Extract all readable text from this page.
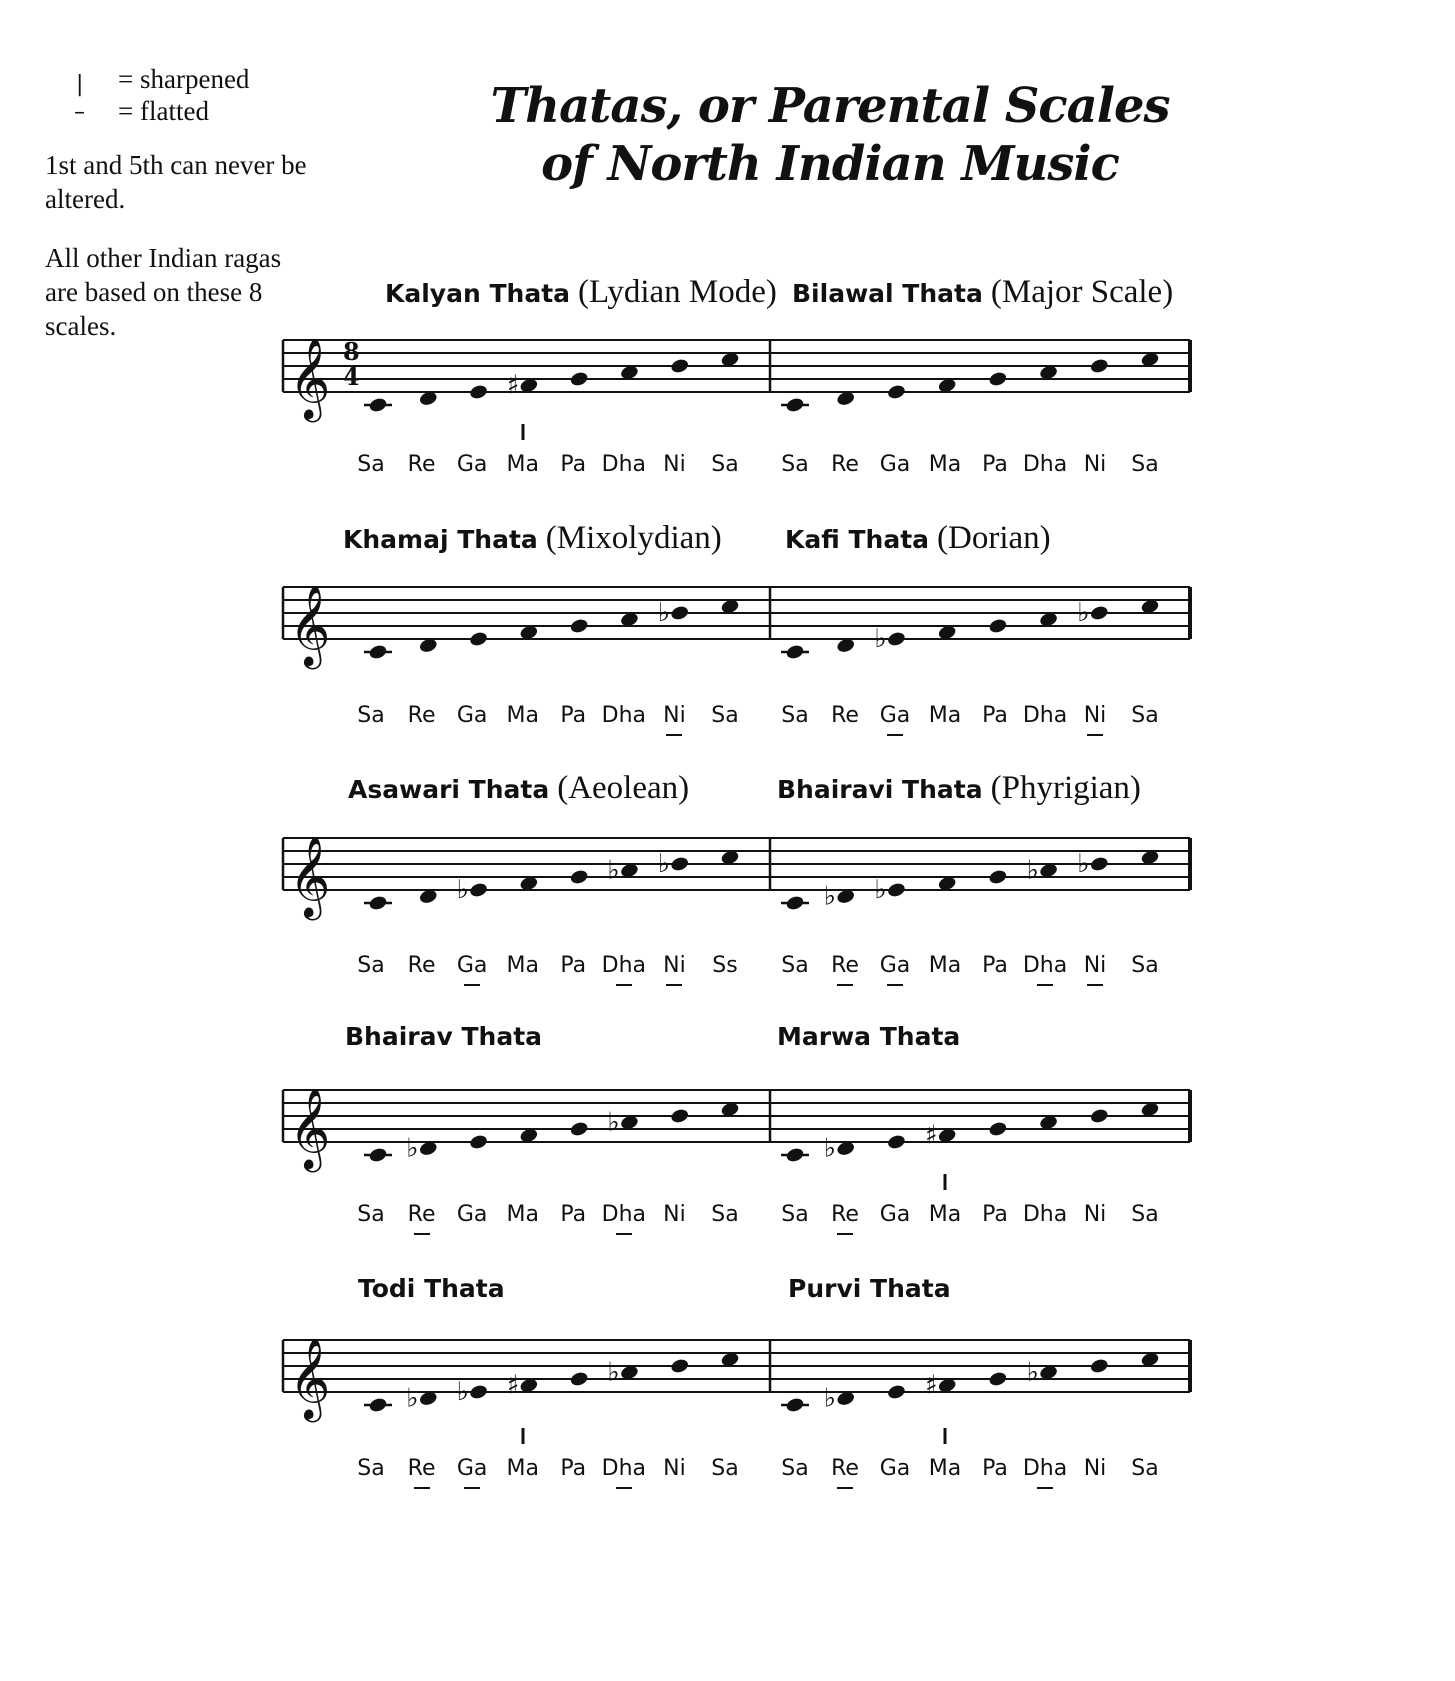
| = sharpened
– = flatted
1st and 5th can never be altered.
All other Indian ragas are based on these 8 scales.
Thatas, or Parental Scales
of North Indian Music
𝄞 8
4	♯
Kalyan Thata (Lydian Mode) Bilawal Thata (Major Scale)
Sa Re Ga Ma Pa Dha Ni Sa Sa Re Ga Ma Pa Dha Ni Sa
𝄞	♭
♭
♭
Khamaj Thata (Mixolydian)	Kafi Thata (Dorian)
Sa Re Ga Ma Pa Dha Ni Sa Sa Re Ga Ma Pa Dha Ni Sa
𝄞	♭
♭ ♭
♭ ♭
♭ ♭
Asawari Thata (Aeolean)	Bhairavi Thata (Phyrigian)
Sa Re Ga Ma Pa Dha Ni Ss Sa Re Ga Ma Pa Dha Ni Sa
𝄞	♭
♭
♭	♯
Bhairav Thata	Marwa Thata
Sa Re Ga Ma Pa Dha Ni Sa Sa Re Ga Ma Pa Dha Ni Sa
𝄞	♭ ♭ ♯	♭
♭	♯	♭
Todi Thata	Purvi Thata
Sa Re Ga Ma Pa Dha Ni Sa Sa Re Ga Ma Pa Dha Ni Sa
